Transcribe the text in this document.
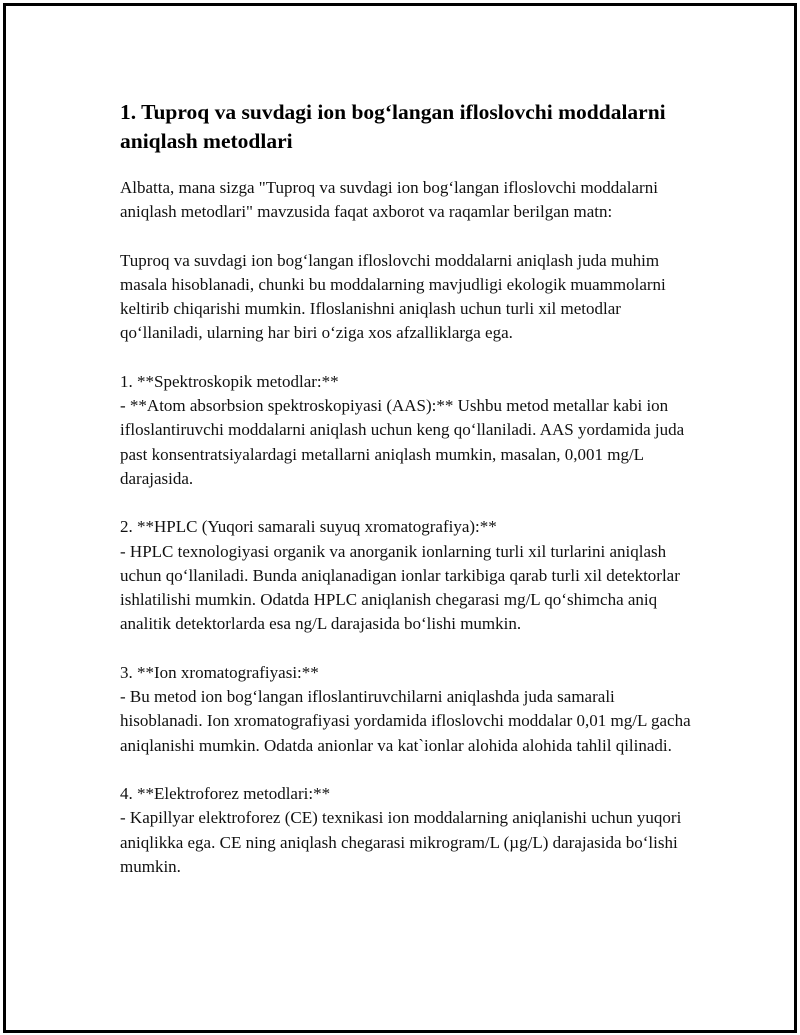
1. Tuproq va suvdagi ion bog‘langan ifloslovchi moddalarni aniqlash metodlari

Albatta, mana sizga "Tuproq va suvdagi ion bog‘langan ifloslovchi moddalarni aniqlash metodlari" mavzusida faqat axborot va raqamlar berilgan matn:

Tuproq va suvdagi ion bog‘langan ifloslovchi moddalarni aniqlash juda muhim masala hisoblanadi, chunki bu moddalarning mavjudligi ekologik muammolarni keltirib chiqarishi mumkin. Ifloslanishni aniqlash uchun turli xil metodlar qo‘llaniladi, ularning har biri o‘ziga xos afzalliklarga ega.

1. **Spektroskopik metodlar:**

- **Atom absorbsion spektroskopiyasi (AAS):** Ushbu metod metallar kabi ion ifloslantiruvchi moddalarni aniqlash uchun keng qo‘llaniladi. AAS yordamida juda past konsentratsiyalardagi metallarni aniqlash mumkin, masalan, 0,001 mg/L darajasida.

2. **HPLC (Yuqori samarali suyuq xromatografiya):**

- HPLC texnologiyasi organik va anorganik ionlarning turli xil turlarini aniqlash uchun qo‘llaniladi. Bunda aniqlanadigan ionlar tarkibiga qarab turli xil detektorlar ishlatilishi mumkin. Odatda HPLC aniqlanish chegarasi mg/L qo‘shimcha aniq analitik detektorlarda esa ng/L darajasida bo‘lishi mumkin.

3. **Ion xromatografiyasi:**

- Bu metod ion bog‘langan ifloslantiruvchilarni aniqlashda juda samarali hisoblanadi. Ion xromatografiyasi yordamida ifloslovchi moddalar 0,01 mg/L gacha aniqlanishi mumkin. Odatda anionlar va kat`ionlar alohida alohida tahlil qilinadi.

4. **Elektroforez metodlari:**

- Kapillyar elektroforez (CE) texnikasi ion moddalarning aniqlanishi uchun yuqori aniqlikka ega. CE ning aniqlash chegarasi mikrogram/L (µg/L) darajasida bo‘lishi mumkin.
